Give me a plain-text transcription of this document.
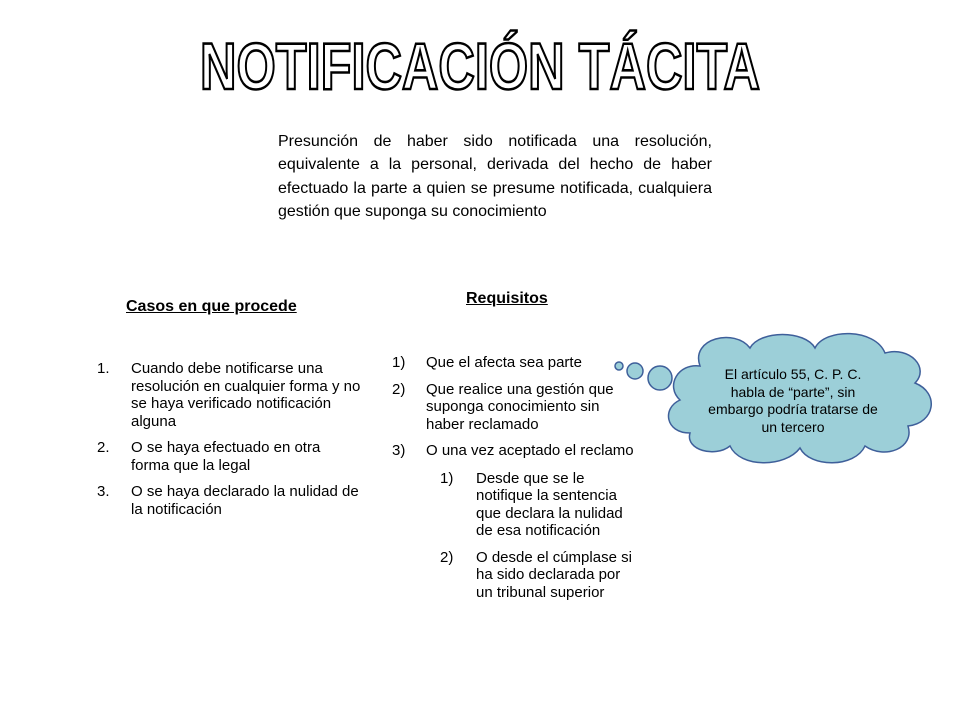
NOTIFICACIÓN TÁCITA

Presunción de haber sido notificada una resolución, equivalente a la personal, derivada del hecho de haber efectuado la parte a quien se presume notificada, cualquiera gestión que suponga su conocimiento

Casos en que procede	Requisitos
1.	Cuando debe notificarse una resolución en cualquier forma y no se haya verificado notificación alguna
2.	O se haya efectuado en otra forma que la legal
3.	O se haya declarado la nulidad de la notificación
1)	Que el afecta sea parte
2)	Que realice una gestión que suponga conocimiento sin haber reclamado
3)	O una vez aceptado el reclamo
1)	Desde que se le notifique la sentencia que declara la nulidad de esa notificación
2)	O desde el cúmplase si ha sido declarada por un tribunal superior
El artículo 55, C. P. C. habla de “parte”, sin embargo podría tratarse de un tercero
